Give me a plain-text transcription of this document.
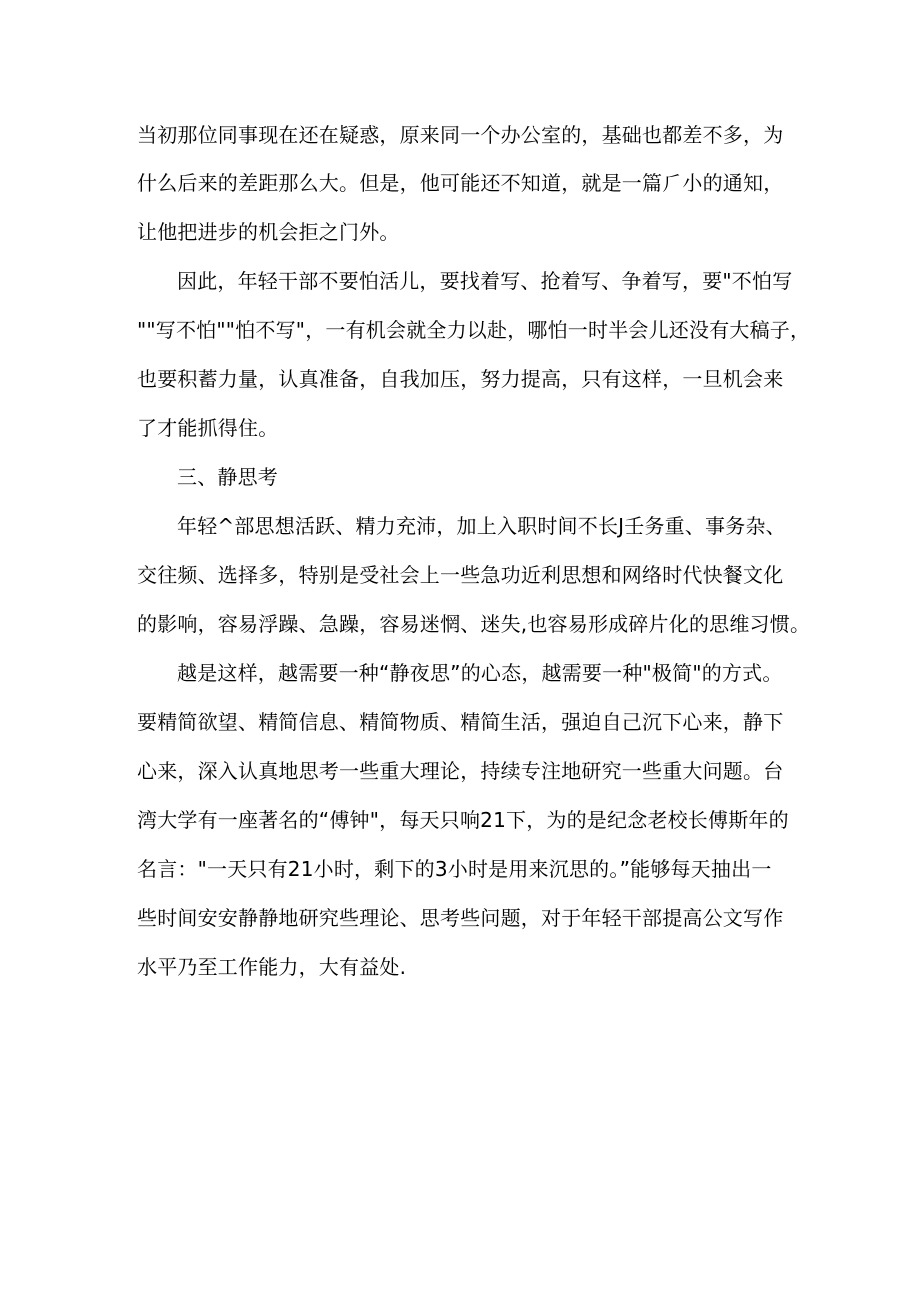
当初那位同事现在还在疑惑，原来同一个办公室的，基础也都差不多，为
什么后来的差距那么大。但是，他可能还不知道，就是一篇⺁小的通知，
让他把进步的机会拒之门外。
因此，年轻干部不要怕活儿，要找着写、抢着写、争着写，要"不怕写
""写不怕""怕不写"，一有机会就全力以赴，哪怕一时半会儿还没有大稿子，
也要积蓄力量，认真准备，自我加压，努力提高，只有这样，一旦机会来
了才能抓得住。
三、静思考
年轻^部思想活跃、精力充沛，加上入职时间不长J壬务重、事务杂、
交往频、选择多，特别是受社会上一些急功近利思想和网络时代快餐文化
的影响，容易浮躁、急躁，容易迷惘、迷失,也容易形成碎片化的思维习惯。
越是这样，越需要一种“静夜思”的心态，越需要一种"极简"的方式。
要精简欲望、精简信息、精简物质、精简生活，强迫自己沉下心来，静下
心来，深入认真地思考一些重大理论，持续专注地研究一些重大问题。台
湾大学有一座著名的“傅钟"，每天只响21下，为的是纪念老校长傅斯年的
名言："一天只有21小时，剩下的3小时是用来沉思的。”能够每天抽出一
些时间安安静静地研究些理论、思考些问题，对于年轻干部提高公文写作
水平乃至工作能力，大有益处.
